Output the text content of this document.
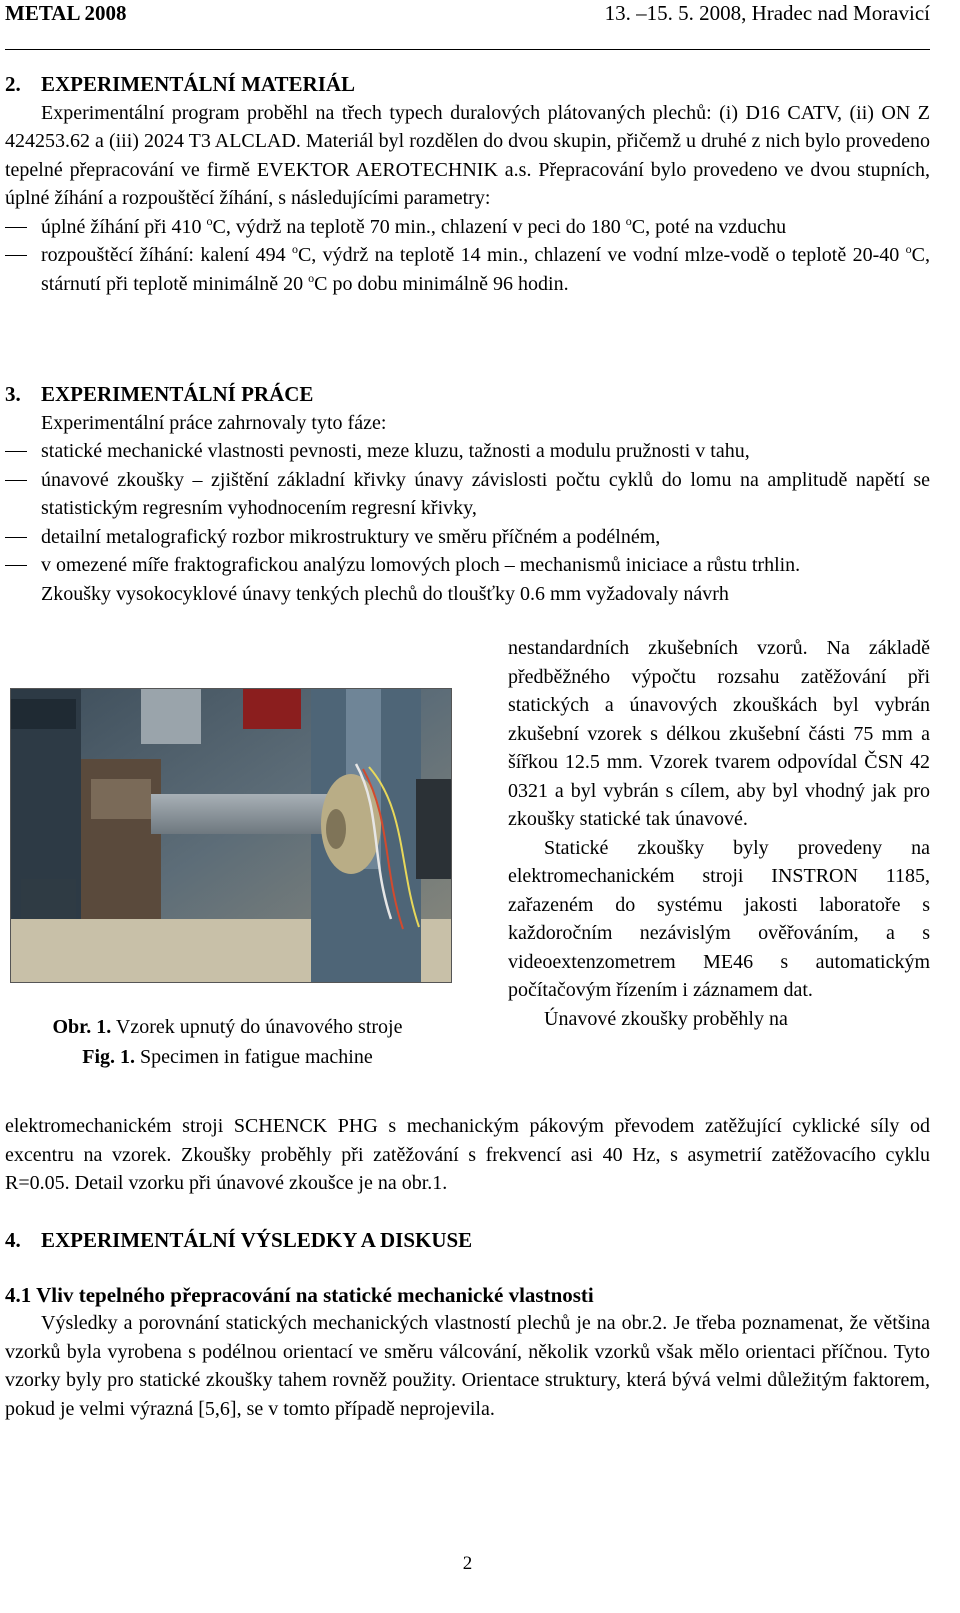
METAL 2008	13. –15. 5. 2008, Hradec nad Moravicí
2. EXPERIMENTÁLNÍ MATERIÁL

Experimentální program proběhl na třech typech duralových plátovaných plechů: (i) D16 CATV, (ii) ON Z 424253.62 a (iii) 2024 T3 ALCLAD. Materiál byl rozdělen do dvou skupin, přičemž u druhé z nich bylo provedeno tepelné přepracování ve firmě EVEKTOR AEROTECHNIK a.s. Přepracování bylo provedeno ve dvou stupních, úplné žíhání a rozpouštěcí žíhání, s následujícími parametry:

úplné žíhání při 410 $^o$C, výdrž na teplotě 70 min., chlazení v peci do 180 $^o$C, poté na vzduchu
rozpouštěcí žíhání: kalení 494 $^o$C, výdrž na teplotě 14 min., chlazení ve vodní mlze-vodě o teplotě 20-40 $^o$C, stárnutí při teplotě minimálně 20 $^o$C po dobu minimálně 96 hodin.
3. EXPERIMENTÁLNÍ PRÁCE

Experimentální práce zahrnovaly tyto fáze:

statické mechanické vlastnosti pevnosti, meze kluzu, tažnosti a modulu pružnosti v tahu,
únavové zkoušky – zjištění základní křivky únavy závislosti počtu cyklů do lomu na amplitudě napětí se statistickým regresním vyhodnocením regresní křivky,
detailní metalografický rozbor mikrostruktury ve směru příčném a podélném,
v omezené míře fraktografickou analýzu lomových ploch – mechanismů iniciace a růstu trhlin.

Zkoušky vysokocyklové únavy tenkých plechů do tloušťky 0.6 mm vyžadovaly návrh

nestandardních zkušebních vzorů. Na základě předběžného výpočtu rozsahu zatěžování při statických a únavových zkouškách byl vybrán zkušební vzorek s délkou zkušební části 75 mm a šířkou 12.5 mm. Vzorek tvarem odpovídal ČSN 42 0321 a byl vybrán s cílem, aby byl vhodný jak pro zkoušky statické tak únavové.

Statické zkoušky byly provedeny na elektromechanickém stroji INSTRON 1185, zařazeném do systému jakosti laboratoře s každoročním nezávislým ověřováním, a s videoextenzometrem ME46 s automatickým počítačovým řízením i záznamem dat.

Únavové zkoušky proběhly na

elektromechanickém stroji SCHENCK PHG s mechanickým pákovým převodem zatěžující cyklické síly od excentru na vzorek. Zkoušky proběhly při zatěžování s frekvencí asi 40 Hz, s asymetrií zatěžovacího cyklu R=0.05. Detail vzorku při únavové zkoušce je na obr.1.

Obr. 1. Vzorek upnutý do únavového stroje
Fig. 1. Specimen in fatigue machine
4. EXPERIMENTÁLNÍ VÝSLEDKY A DISKUSE
4.1 Vliv tepelného přepracování na statické mechanické vlastnosti

Výsledky a porovnání statických mechanických vlastností plechů je na obr.2. Je třeba poznamenat, že většina vzorků byla vyrobena s podélnou orientací ve směru válcování, několik vzorků však mělo orientaci příčnou. Tyto vzorky byly pro statické zkoušky tahem rovněž použity. Orientace struktury, která bývá velmi důležitým faktorem, pokud je velmi výrazná [5,6], se v tomto případě neprojevila.

2
